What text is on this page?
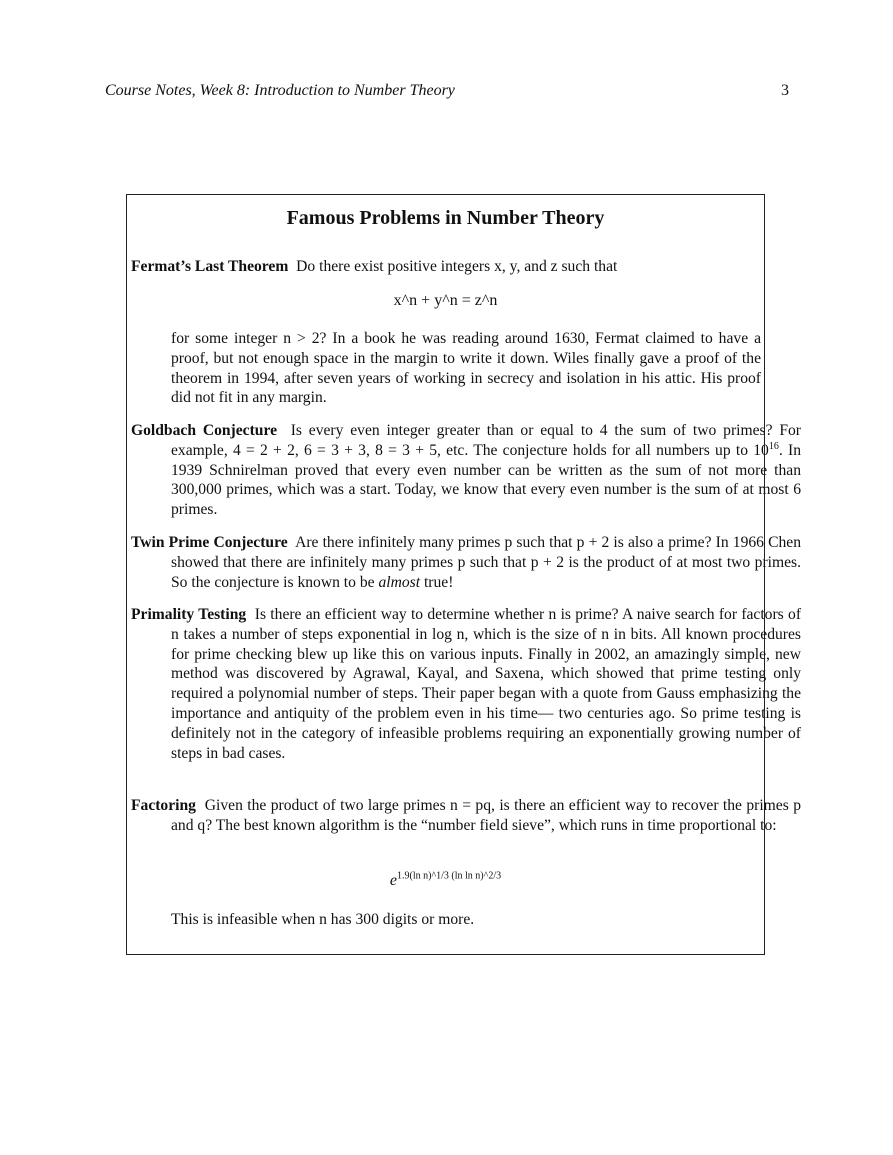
Course Notes, Week 8: Introduction to Number Theory	3
Famous Problems in Number Theory
Fermat’s Last Theorem Do there exist positive integers x, y, and z such that
x^n + y^n = z^n
for some integer n > 2? In a book he was reading around 1630, Fermat claimed to have a proof, but not enough space in the margin to write it down. Wiles finally gave a proof of the theorem in 1994, after seven years of working in secrecy and isolation in his attic. His proof did not fit in any margin.
Goldbach Conjecture Is every even integer greater than or equal to 4 the sum of two primes? For example, 4 = 2 + 2, 6 = 3 + 3, 8 = 3 + 5, etc. The conjecture holds for all numbers up to $10^{16}$. In 1939 Schnirelman proved that every even number can be written as the sum of not more than 300,000 primes, which was a start. Today, we know that every even number is the sum of at most 6 primes.
Twin Prime Conjecture Are there infinitely many primes p such that p + 2 is also a prime? In 1966 Chen showed that there are infinitely many primes p such that p + 2 is the product of at most two primes. So the conjecture is known to be almost true!
Primality Testing Is there an efficient way to determine whether n is prime? A naive search for factors of n takes a number of steps exponential in log n, which is the size of n in bits. All known procedures for prime checking blew up like this on various inputs. Finally in 2002, an amazingly simple, new method was discovered by Agrawal, Kayal, and Saxena, which showed that prime testing only required a polynomial number of steps. Their paper began with a quote from Gauss emphasizing the importance and antiquity of the problem even in his time— two centuries ago. So prime testing is definitely not in the category of infeasible problems requiring an exponentially growing number of steps in bad cases.
Factoring Given the product of two large primes n = pq, is there an efficient way to recover the primes p and q? The best known algorithm is the “number field sieve”, which runs in time proportional to:
$e^{1.9(ln n)\^{}1/3 (ln ln n)\^{}2/3}$
This is infeasible when n has 300 digits or more.
